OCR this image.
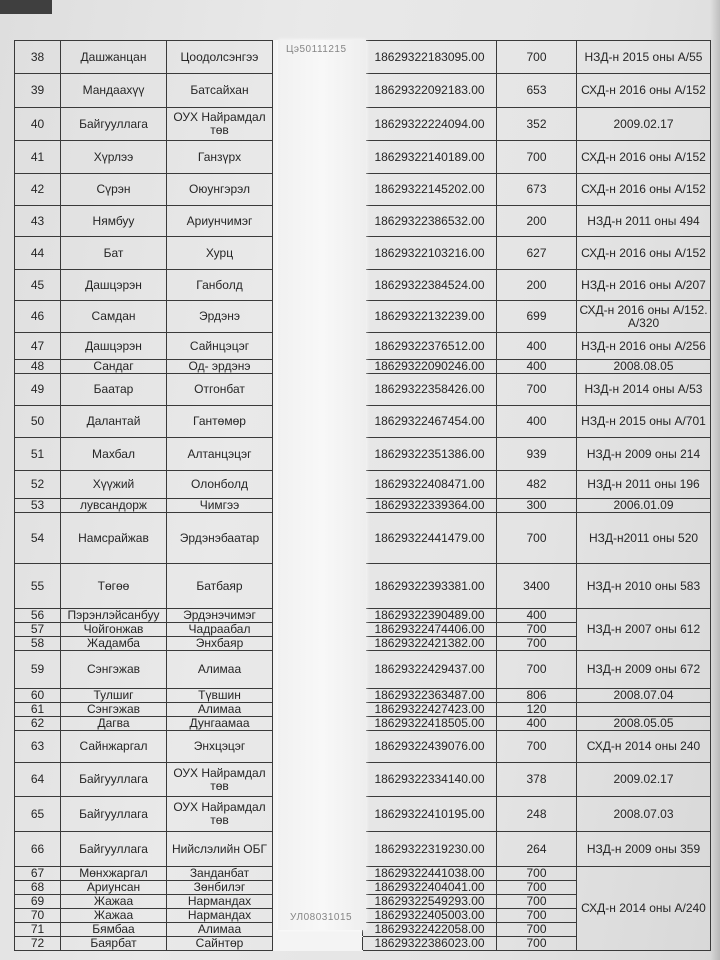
38	Дашжанцан	Цоодолсэнгээ		18629322183095.00	700	НЗД-н 2015 оны А/55
39	Мандаахүү	Батсайхан		18629322092183.00	653	СХД-н 2016 оны А/152
40	Байгууллага	ОУХ Найрамдал төв		18629322224094.00	352	2009.02.17
41	Хүрлээ	Ганзүрх		18629322140189.00	700	СХД-н 2016 оны А/152
42	Сүрэн	Оюунгэрэл		18629322145202.00	673	СХД-н 2016 оны А/152
43	Нямбуу	Ариунчимэг		18629322386532.00	200	НЗД-н 2011 оны 494
44	Бат	Хурц		18629322103216.00	627	СХД-н 2016 оны А/152
45	Дашцэрэн	Ганболд		18629322384524.00	200	НЗД-н 2016 оны А/207
46	Самдан	Эрдэнэ		18629322132239.00	699	СХД-н 2016 оны А/152. А/320
47	Дашцэрэн	Сайнцэцэг		18629322376512.00	400	НЗД-н 2016 оны А/256
48	Сандаг	Од- эрдэнэ		18629322090246.00	400	2008.08.05
49	Баатар	Отгонбат		18629322358426.00	700	НЗД-н 2014 оны А/53
50	Далантай	Гантөмөр		18629322467454.00	400	НЗД-н 2015 оны А/701
51	Махбал	Алтанцэцэг		18629322351386.00	939	НЗД-н 2009 оны 214
52	Хүүжий	Олонболд		18629322408471.00	482	НЗД-н 2011 оны 196
53	лувсандорж	Чимгээ		18629322339364.00	300	2006.01.09
54	Намсрайжав	Эрдэнэбаатар		18629322441479.00	700	НЗД-н2011 оны 520
55	Төгөө	Батбаяр		18629322393381.00	3400	НЗД-н 2010 оны 583
56	Пэрэнлэйсанбуу	Эрдэнэчимэг		18629322390489.00	400	НЗД-н 2007 оны 612
57	Чойгонжав	Чадраабал		18629322474406.00	700	
58	Жадамба	Энхбаяр		18629322421382.00	700	
59	Сэнгэжав	Алимаа		18629322429437.00	700	НЗД-н 2009 оны 672
60	Тулшиг	Түвшин		18629322363487.00	806	2008.07.04
61	Сэнгэжав	Алимаа		18629322427423.00	120	
62	Дагва	Дунгаамаа		18629322418505.00	400	2008.05.05
63	Сайнжаргал	Энхцэцэг		18629322439076.00	700	СХД-н 2014 оны 240
64	Байгууллага	ОУХ Найрамдал төв		18629322334140.00	378	2009.02.17
65	Байгууллага	ОУХ Найрамдал төв		18629322410195.00	248	2008.07.03
66	Байгууллага	Нийслэлийн ОБГ		18629322319230.00	264	НЗД-н 2009 оны 359
67	Мөнхжаргал	Занданбат		18629322441038.00	700	СХД-н 2014 оны А/240
68	Ариунсан	Зөнбилэг		18629322404041.00	700	
69	Жажаа	Нармандах		18629322549293.00	700	
70	Жажаа	Нармандах		18629322405003.00	700	
71	Бямбаа	Алимаа		18629322422058.00	700	
72	Баярбат	Сайнтөр		18629322386023.00	700	
Цэ50111215
УЛ08031015
